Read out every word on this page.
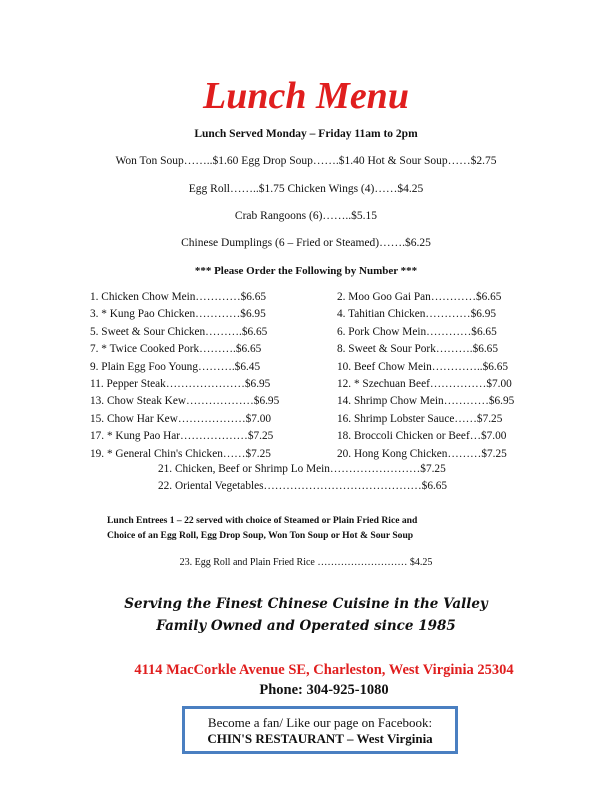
Lunch Menu
Lunch Served Monday – Friday 11am to 2pm
Won Ton Soup……..$1.60 Egg Drop Soup…….$1.40 Hot & Sour Soup……$2.75
Egg Roll……..$1.75 Chicken Wings (4)……$4.25
Crab Rangoons (6)……..$5.15
Chinese Dumplings (6 – Fried or Steamed)…….$6.25
*** Please Order the Following by Number ***
1. Chicken Chow Mein…………$6.65
3. * Kung Pao Chicken…………$6.95
5. Sweet & Sour Chicken……….$6.65
7. * Twice Cooked Pork……….$6.65
9. Plain Egg Foo Young……….$6.45
11. Pepper Steak…………………$6.95
13. Chow Steak Kew………………$6.95
15. Chow Har Kew………………$7.00
17. * Kung Pao Har………………$7.25
19. * General Chin's Chicken……$7.25
2. Moo Goo Gai Pan…………$6.65
4. Tahitian Chicken…………$6.95
6. Pork Chow Mein…………$6.65
8. Sweet & Sour Pork……….$6.65
10. Beef Chow Mein…………..$6.65
12. * Szechuan Beef……………$7.00
14. Shrimp Chow Mein…………$6.95
16. Shrimp Lobster Sauce……$7.25
18. Broccoli Chicken or Beef…$7.00
20. Hong Kong Chicken………$7.25
21. Chicken, Beef or Shrimp Lo Mein……………………$7.25
22. Oriental Vegetables……………………………………$6.65
Lunch Entrees 1 – 22 served with choice of Steamed or Plain Fried Rice and
Choice of an Egg Roll, Egg Drop Soup, Won Ton Soup or Hot & Sour Soup
23. Egg Roll and Plain Fried Rice ……………………… $4.25
Serving the Finest Chinese Cuisine in the Valley
Family Owned and Operated since 1985
4114 MacCorkle Avenue SE, Charleston, West Virginia 25304
Phone: 304-925-1080
Become a fan/ Like our page on Facebook:
CHIN'S RESTAURANT – West Virginia
